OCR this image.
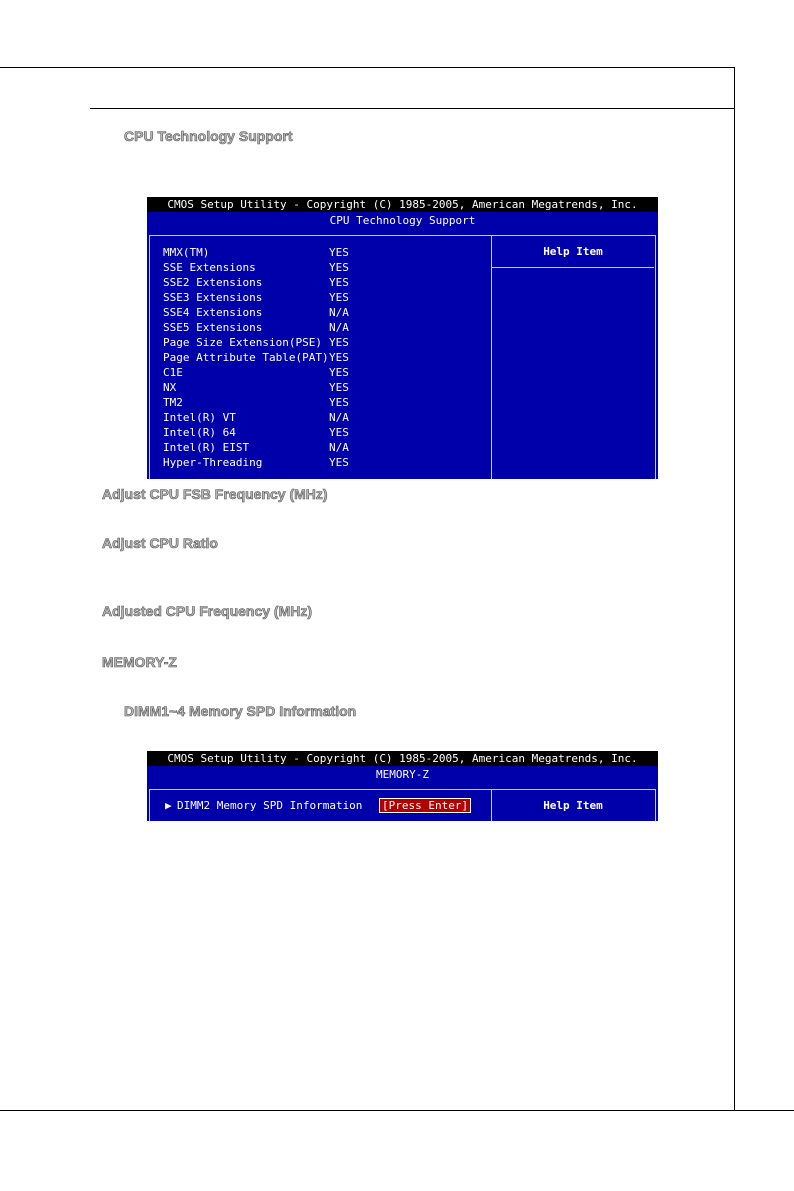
CPU Technology Support
CMOS Setup Utility - Copyright (C) 1985-2005, American Megatrends, Inc.
CPU Technology Support
Help Item
MMX(TM)	YES
SSE Extensions	YES
SSE2 Extensions	YES
SSE3 Extensions	YES
SSE4 Extensions	N/A
SSE5 Extensions	N/A
Page Size Extension(PSE) YES
Page Attribute Table(PAT)YES
C1E	YES
NX	YES
TM2	YES
Intel(R) VT	N/A
Intel(R) 64	YES
Intel(R) EIST	N/A
Hyper-Threading	YES
Adjust CPU FSB Frequency (MHz)
Adjust CPU Ratio
Adjusted CPU Frequency (MHz)
MEMORY-Z
DIMM1~4 Memory SPD Information
CMOS Setup Utility - Copyright (C) 1985-2005, American Megatrends, Inc.
MEMORY-Z
Help Item
▶ DIMM2 Memory SPD Information [Press Enter]
